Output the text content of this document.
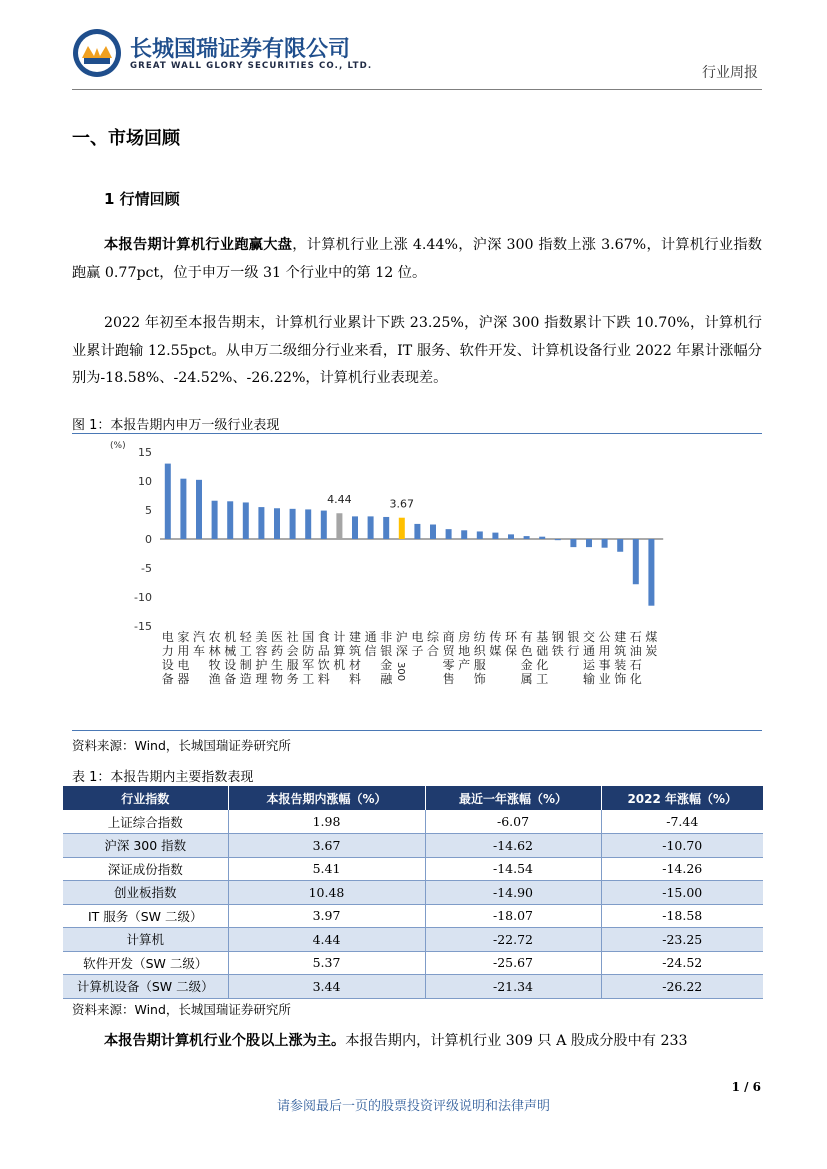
长城国瑞证券有限公司
GREAT WALL GLORY SECURITIES CO., LTD.	行业周报
一、市场回顾
1 行情回顾

本报告期计算机行业跑赢大盘，计算机行业上涨 4.44%，沪深 300 指数上涨 3.67%，计算机行业指数跑赢 0.77pct，位于申万一级 31 个行业中的第 12 位。

2022 年初至本报告期末，计算机行业累计下跌 23.25%，沪深 300 指数累计下跌 10.70%，计算机行业累计跑输 12.55pct。从申万二级细分行业来看，IT 服务、软件开发、计算机设备行业 2022 年累计涨幅分别为-18.58%、-24.52%、-26.22%，计算机行业表现差。

图 1：本报告期内申万一级行业表现
(%) 15
10
5
0
-5
-10
-15
电力设备
家用电器
汽车
农林牧渔
机械设备
轻工制造
美容护理
医药生物
社会服务
国防军工
食品饮料
4.44
计算机
建筑材料
通信
非银金融
3.67
沪
深
300
电子
综合
商贸零售
房地产
纺织服饰
传媒
环保
有色金属
基础化工
钢铁
银行
交通运输
公用事业
建筑装饰
石油石化
煤炭
资料来源：Wind，长城国瑞证券研究所
表 1：本报告期内主要指数表现
行业指数	本报告期内涨幅（%）	最近一年涨幅（%）	2022 年涨幅（%）
上证综合指数	1.98	-6.07	-7.44
沪深 300 指数	3.67	-14.62	-10.70
深证成份指数	5.41	-14.54	-14.26
创业板指数	10.48	-14.90	-15.00
IT 服务（SW 二级）	3.97	-18.07	-18.58
计算机	4.44	-22.72	-23.25
软件开发（SW 二级）	5.37	-25.67	-24.52
计算机设备（SW 二级）	3.44	-21.34	-26.22
资料来源：Wind，长城国瑞证券研究所

本报告期计算机行业个股以上涨为主。本报告期内，计算机行业 309 只 A 股成分股中有 233

1 / 6
请参阅最后一页的股票投资评级说明和法律声明
